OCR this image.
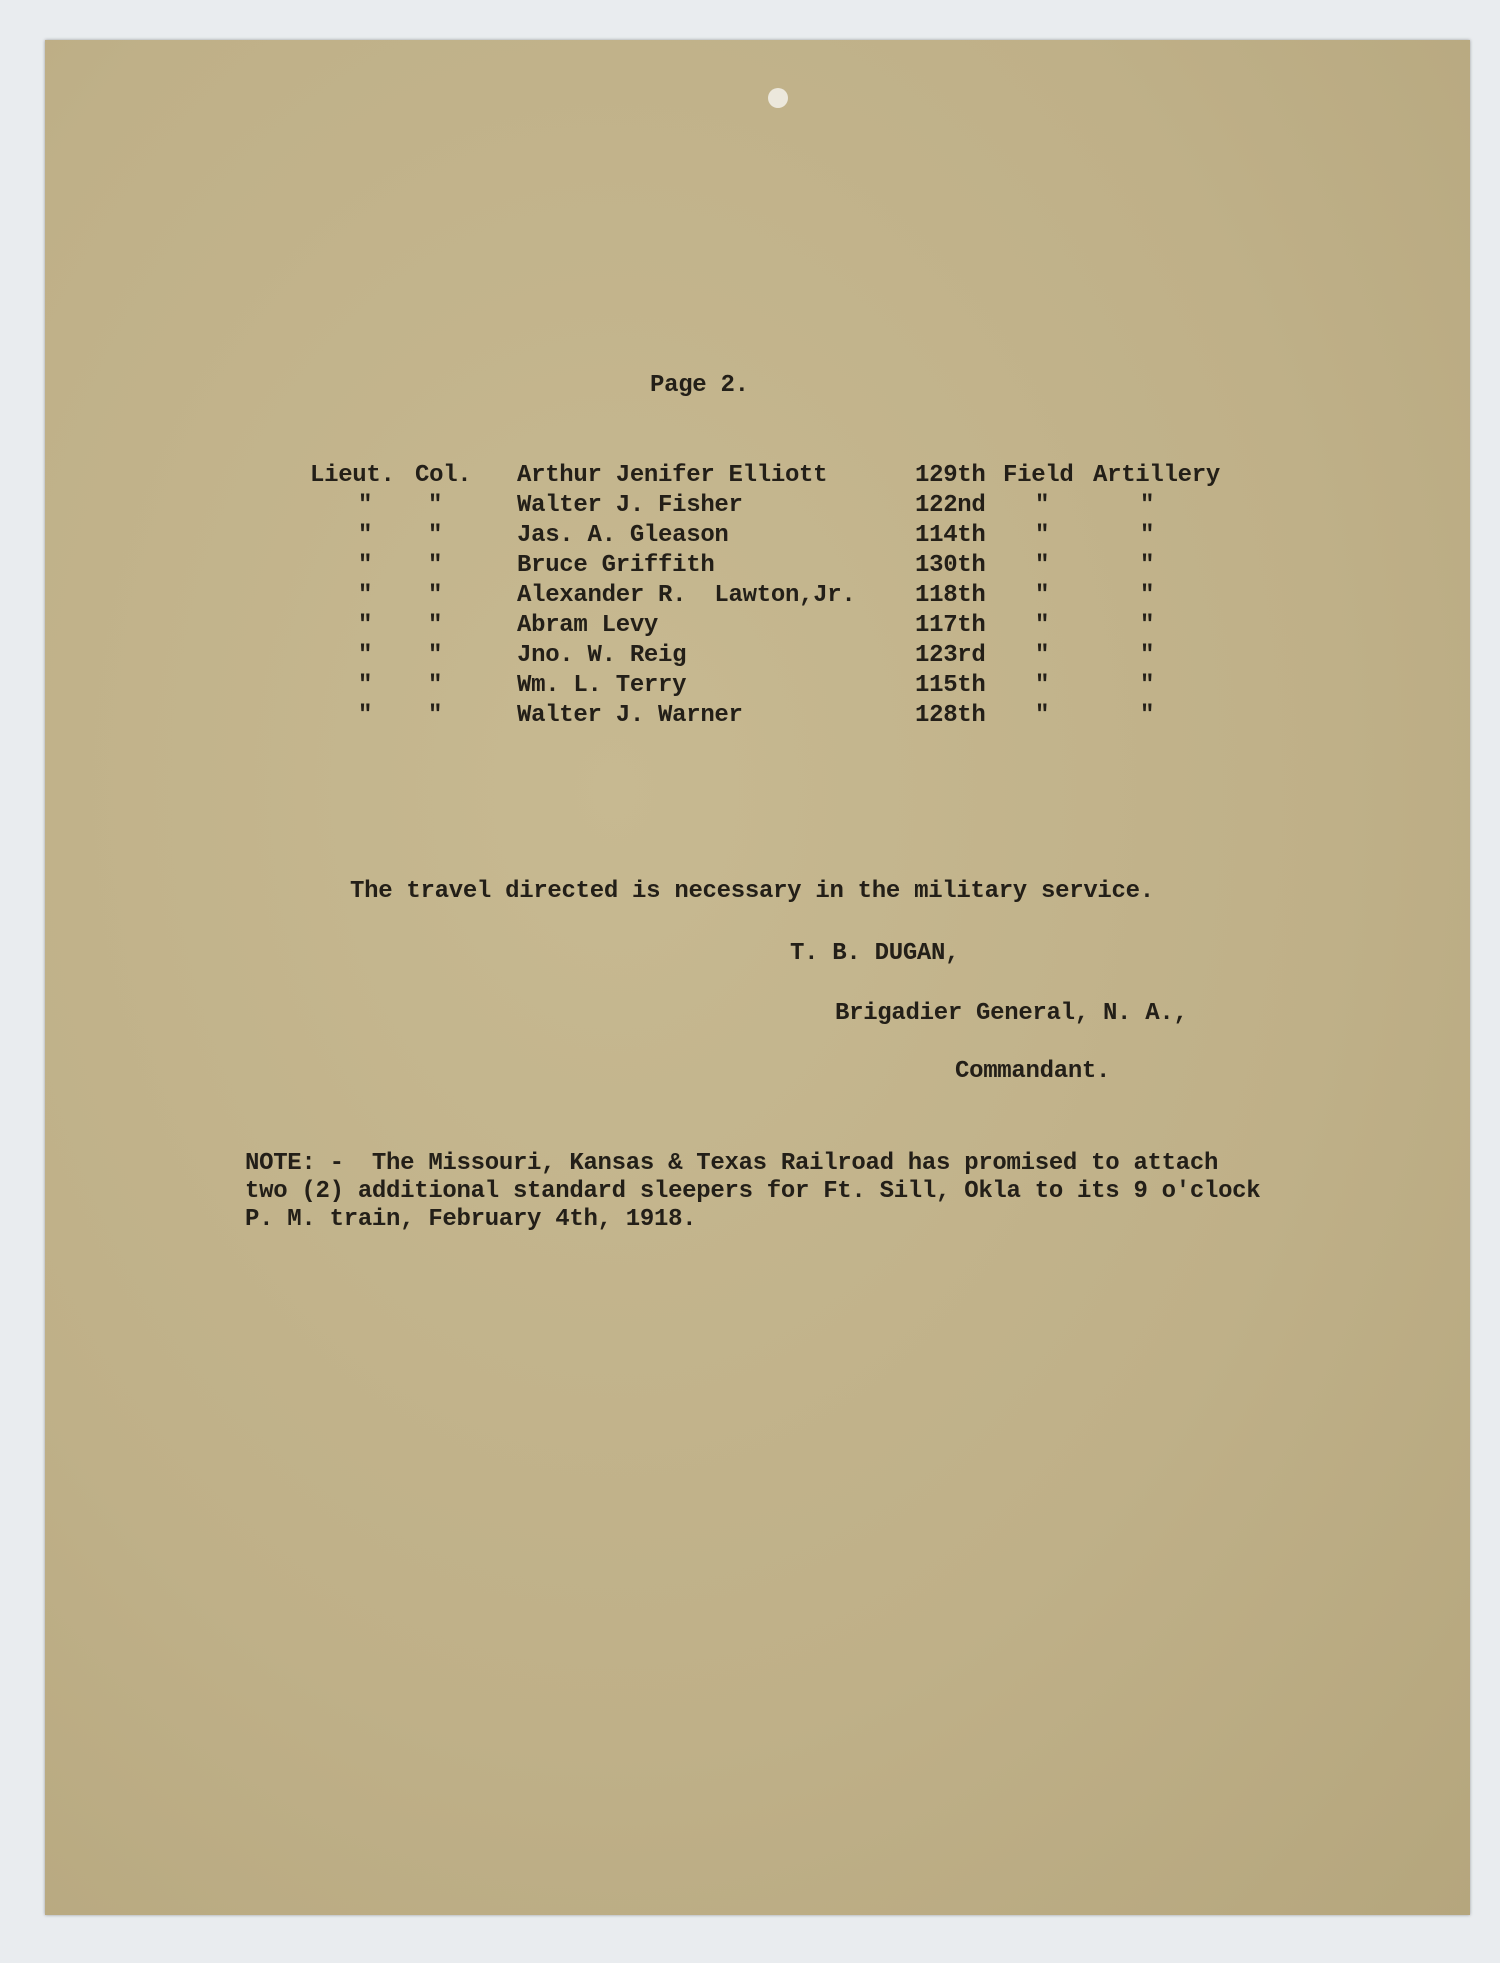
Page 2.
Lieut. Col. Arthur Jenifer Elliott	129th Field Artillery
" "	Walter J. Fisher	122nd "	"
" "	Jas. A. Gleason	114th "	"
" "	Bruce Griffith	130th "	"
" "	Alexander R.  Lawton,Jr. 118th "	"
" "	Abram Levy	117th "	"
" "	Jno. W. Reig	123rd "	"
" "	Wm. L. Terry	115th "	"
" "	Walter J. Warner	128th "	"
The travel directed is necessary in the military service.
T. B. DUGAN,
Brigadier General, N. A.,
Commandant.
NOTE: -  The Missouri, Kansas & Texas Railroad has promised to attach
two (2) additional standard sleepers for Ft. Sill, Okla to its 9 o'clock
P. M. train, February 4th, 1918.
